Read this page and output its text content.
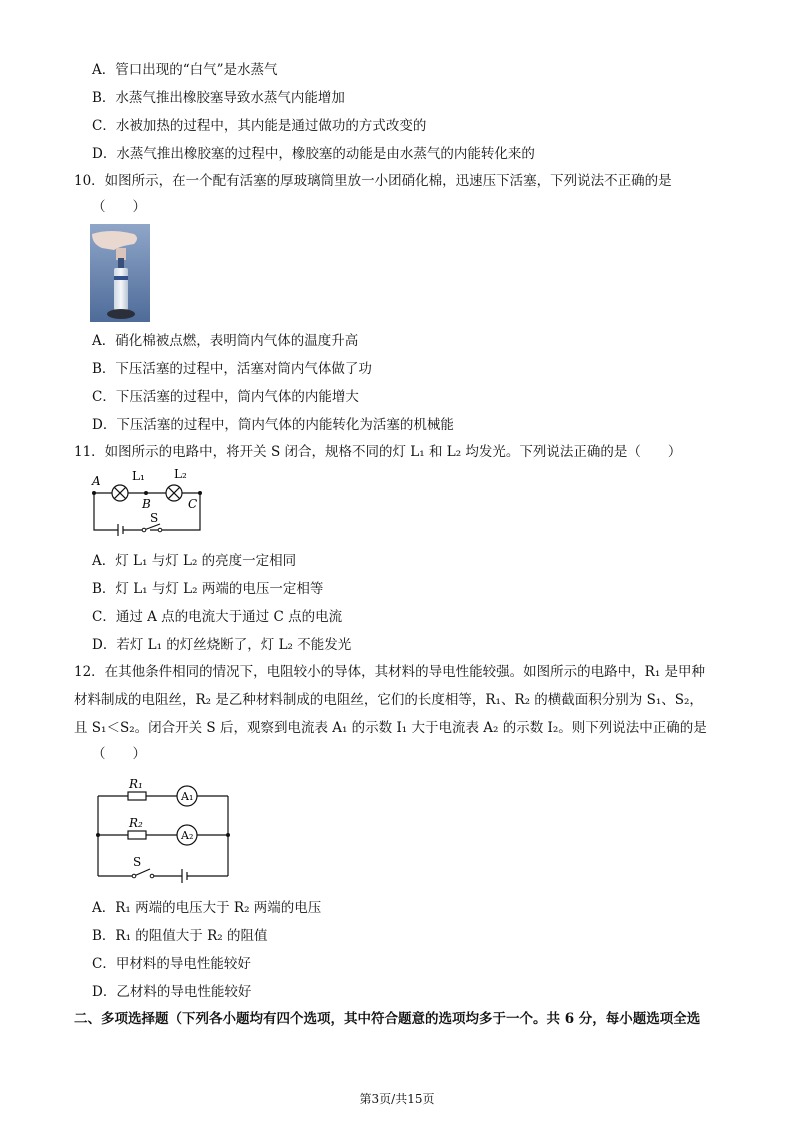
A．管口出现的“白气”是水蒸气
B．水蒸气推出橡胶塞导致水蒸气内能增加
C．水被加热的过程中，其内能是通过做功的方式改变的
D．水蒸气推出橡胶塞的过程中，橡胶塞的动能是由水蒸气的内能转化来的
10．如图所示，在一个配有活塞的厚玻璃筒里放一小团硝化棉，迅速压下活塞，下列说法不正确的是
（　　）
A．硝化棉被点燃，表明筒内气体的温度升高
B．下压活塞的过程中，活塞对筒内气体做了功
C．下压活塞的过程中，筒内气体的内能增大
D．下压活塞的过程中，筒内气体的内能转化为活塞的机械能
11．如图所示的电路中，将开关 S 闭合，规格不同的灯 L₁ 和 L₂ 均发光。下列说法正确的是（　　）
A	L₁ L₂
B	C
S
A．灯 L₁ 与灯 L₂ 的亮度一定相同
B．灯 L₁ 与灯 L₂ 两端的电压一定相等
C．通过 A 点的电流大于通过 C 点的电流
D．若灯 L₁ 的灯丝烧断了，灯 L₂ 不能发光
12．在其他条件相同的情况下，电阻较小的导体，其材料的导电性能较强。如图所示的电路中，R₁ 是甲种
材料制成的电阻丝，R₂ 是乙种材料制成的电阻丝，它们的长度相等，R₁、R₂ 的横截面积分别为 S₁、S₂，
且 S₁＜S₂。闭合开关 S 后，观察到电流表 A₁ 的示数 I₁ 大于电流表 A₂ 的示数 I₂。则下列说法中正确的是
（　　）
R₁
R₂
A₁
A₂
S
A．R₁ 两端的电压大于 R₂ 两端的电压
B．R₁ 的阻值大于 R₂ 的阻值
C．甲材料的导电性能较好
D．乙材料的导电性能较好
二、多项选择题（下列各小题均有四个选项，其中符合题意的选项均多于一个。共 6 分，每小题选项全选
第3页/共15页
